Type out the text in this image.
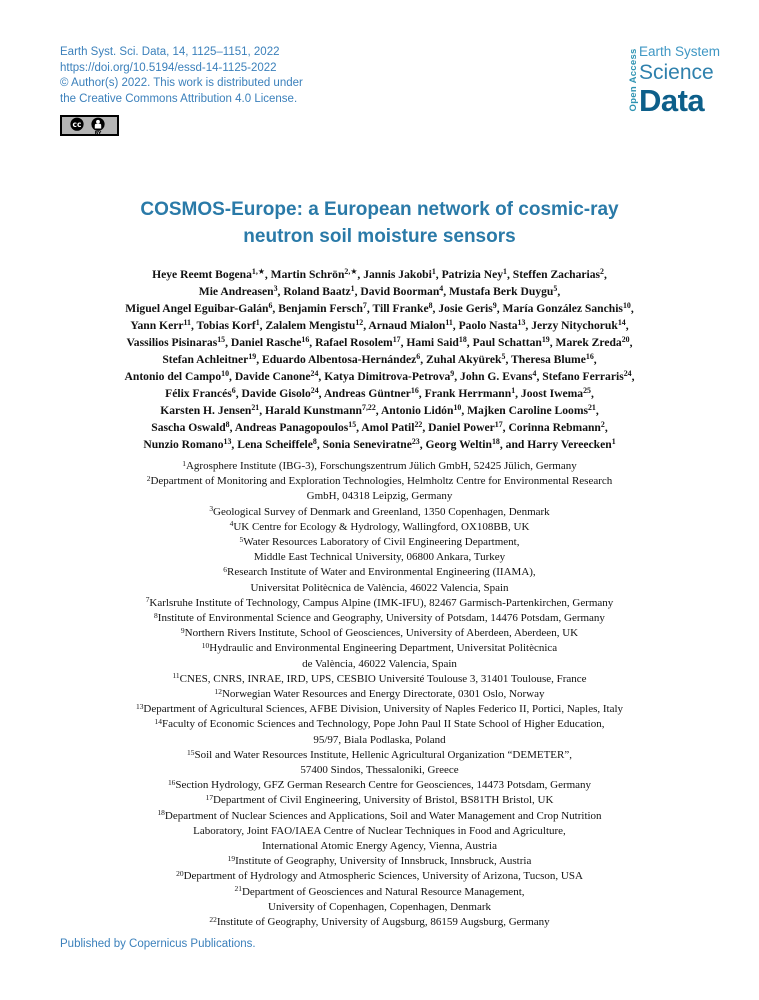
Earth Syst. Sci. Data, 14, 1125–1151, 2022
https://doi.org/10.5194/essd-14-1125-2022
© Author(s) 2022. This work is distributed under
the Creative Commons Attribution 4.0 License.
cc
BY
Open Access Earth System
Science
Data
COSMOS-Europe: a European network of cosmic-ray neutron soil moisture sensors
Heye Reemt Bogena$^{1,★}$, Martin Schrön$^{2,★}$, Jannis Jakobi$^1$, Patrizia Ney$^1$, Steffen Zacharias$^2$,
Mie Andreasen$^3$, Roland Baatz$^1$, David Boorman$^4$, Mustafa Berk Duygu$^5$,
Miguel Angel Eguibar-Galán$^6$, Benjamin Fersch$^7$, Till Franke$^8$, Josie Geris$^9$, María González Sanchis$^{10}$,
Yann Kerr$^{11}$, Tobias Korf$^1$, Zalalem Mengistu$^{12}$, Arnaud Mialon$^{11}$, Paolo Nasta$^{13}$, Jerzy Nitychoruk$^{14}$,
Vassilios Pisinaras$^{15}$, Daniel Rasche$^{16}$, Rafael Rosolem$^{17}$, Hami Said$^{18}$, Paul Schattan$^{19}$, Marek Zreda$^{20}$,
Stefan Achleitner$^{19}$, Eduardo Albentosa-Hernández$^6$, Zuhal Akyürek$^5$, Theresa Blume$^{16}$,
Antonio del Campo$^{10}$, Davide Canone$^{24}$, Katya Dimitrova-Petrova$^9$, John G. Evans$^4$, Stefano Ferraris$^{24}$,
Félix Francés$^6$, Davide Gisolo$^{24}$, Andreas Güntner$^{16}$, Frank Herrmann$^1$, Joost Iwema$^{25}$,
Karsten H. Jensen$^{21}$, Harald Kunstmann$^{7,22}$, Antonio Lidón$^{10}$, Majken Caroline Looms$^{21}$,
Sascha Oswald$^8$, Andreas Panagopoulos$^{15}$, Amol Patil$^{22}$, Daniel Power$^{17}$, Corinna Rebmann$^2$,
Nunzio Romano$^{13}$, Lena Scheiffele$^8$, Sonia Seneviratne$^{23}$, Georg Weltin$^{18}$, and Harry Vereecken$^1$
$^1$Agrosphere Institute (IBG-3), Forschungszentrum Jülich GmbH, 52425 Jülich, Germany
$^2$Department of Monitoring and Exploration Technologies, Helmholtz Centre for Environmental Research
GmbH, 04318 Leipzig, Germany
$^3$Geological Survey of Denmark and Greenland, 1350 Copenhagen, Denmark
$^4$UK Centre for Ecology & Hydrology, Wallingford, OX108BB, UK
$^5$Water Resources Laboratory of Civil Engineering Department,
Middle East Technical University, 06800 Ankara, Turkey
$^6$Research Institute of Water and Environmental Engineering (IIAMA),
Universitat Politècnica de València, 46022 Valencia, Spain
$^7$Karlsruhe Institute of Technology, Campus Alpine (IMK-IFU), 82467 Garmisch-Partenkirchen, Germany
$^8$Institute of Environmental Science and Geography, University of Potsdam, 14476 Potsdam, Germany
$^9$Northern Rivers Institute, School of Geosciences, University of Aberdeen, Aberdeen, UK
$^{10}$Hydraulic and Environmental Engineering Department, Universitat Politècnica
de València, 46022 Valencia, Spain
$^{11}$CNES, CNRS, INRAE, IRD, UPS, CESBIO Université Toulouse 3, 31401 Toulouse, France
$^{12}$Norwegian Water Resources and Energy Directorate, 0301 Oslo, Norway
$^{13}$Department of Agricultural Sciences, AFBE Division, University of Naples Federico II, Portici, Naples, Italy
$^{14}$Faculty of Economic Sciences and Technology, Pope John Paul II State School of Higher Education,
95/97, Biala Podlaska, Poland
$^{15}$Soil and Water Resources Institute, Hellenic Agricultural Organization “DEMETER”,
57400 Sindos, Thessaloniki, Greece
$^{16}$Section Hydrology, GFZ German Research Centre for Geosciences, 14473 Potsdam, Germany
$^{17}$Department of Civil Engineering, University of Bristol, BS81TH Bristol, UK
$^{18}$Department of Nuclear Sciences and Applications, Soil and Water Management and Crop Nutrition
Laboratory, Joint FAO/IAEA Centre of Nuclear Techniques in Food and Agriculture,
International Atomic Energy Agency, Vienna, Austria
$^{19}$Institute of Geography, University of Innsbruck, Innsbruck, Austria
$^{20}$Department of Hydrology and Atmospheric Sciences, University of Arizona, Tucson, USA
$^{21}$Department of Geosciences and Natural Resource Management,
University of Copenhagen, Copenhagen, Denmark
$^{22}$Institute of Geography, University of Augsburg, 86159 Augsburg, Germany
Published by Copernicus Publications.
